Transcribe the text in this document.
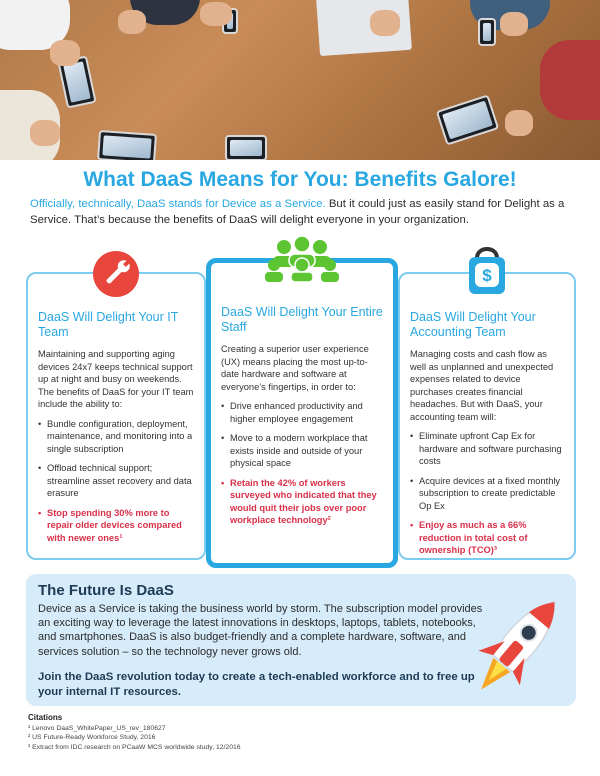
What DaaS Means for You: Benefits Galore!
Officially, technically, DaaS stands for Device as a Service. But it could just as easily stand for Delight as a Service. That’s because the benefits of DaaS will delight everyone in your organization.
DaaS Will Delight Your IT Team

Maintaining and supporting aging devices 24x7 keeps technical support up at night and busy on weekends. The benefits of DaaS for your IT team include the ability to:

• Bundle configuration, deployment, maintenance, and monitoring into a single subscription
• Offload technical support; streamline asset recovery and data erasure
• Stop spending 30% more to repair older devices compared with newer ones¹
DaaS Will Delight Your Entire Staff

Creating a superior user experience (UX) means placing the most up-to-date hardware and software at everyone’s fingertips, in order to:

• Drive enhanced productivity and higher employee engagement
• Move to a modern workplace that exists inside and outside of your physical space
• Retain the 42% of workers surveyed who indicated that they would quit their jobs over poor workplace technology²
$
DaaS Will Delight Your Accounting Team

Managing costs and cash flow as well as unplanned and unexpected expenses related to device purchases creates financial headaches. But with DaaS, your accounting team will:

• Eliminate upfront Cap Ex for hardware and software purchasing costs
• Acquire devices at a fixed monthly subscription to create predictable Op Ex
• Enjoy as much as a 66% reduction in total cost of ownership (TCO)³
The Future Is DaaS
Device as a Service is taking the business world by storm. The subscription model provides an exciting way to leverage the latest innovations in desktops, laptops, tablets, notebooks, and smartphones. DaaS is also budget-friendly and a complete hardware, software, and services solution – so the technology never grows old.
Join the DaaS revolution today to create a tech-enabled workforce and to free up your internal IT resources.
Citations
¹ Lenovo DaaS_WhitePaper_US_rev_180627
² US Future-Ready Workforce Study, 2016
³ Extract from IDC research on PCaaW MCS worldwide study, 12/2016
